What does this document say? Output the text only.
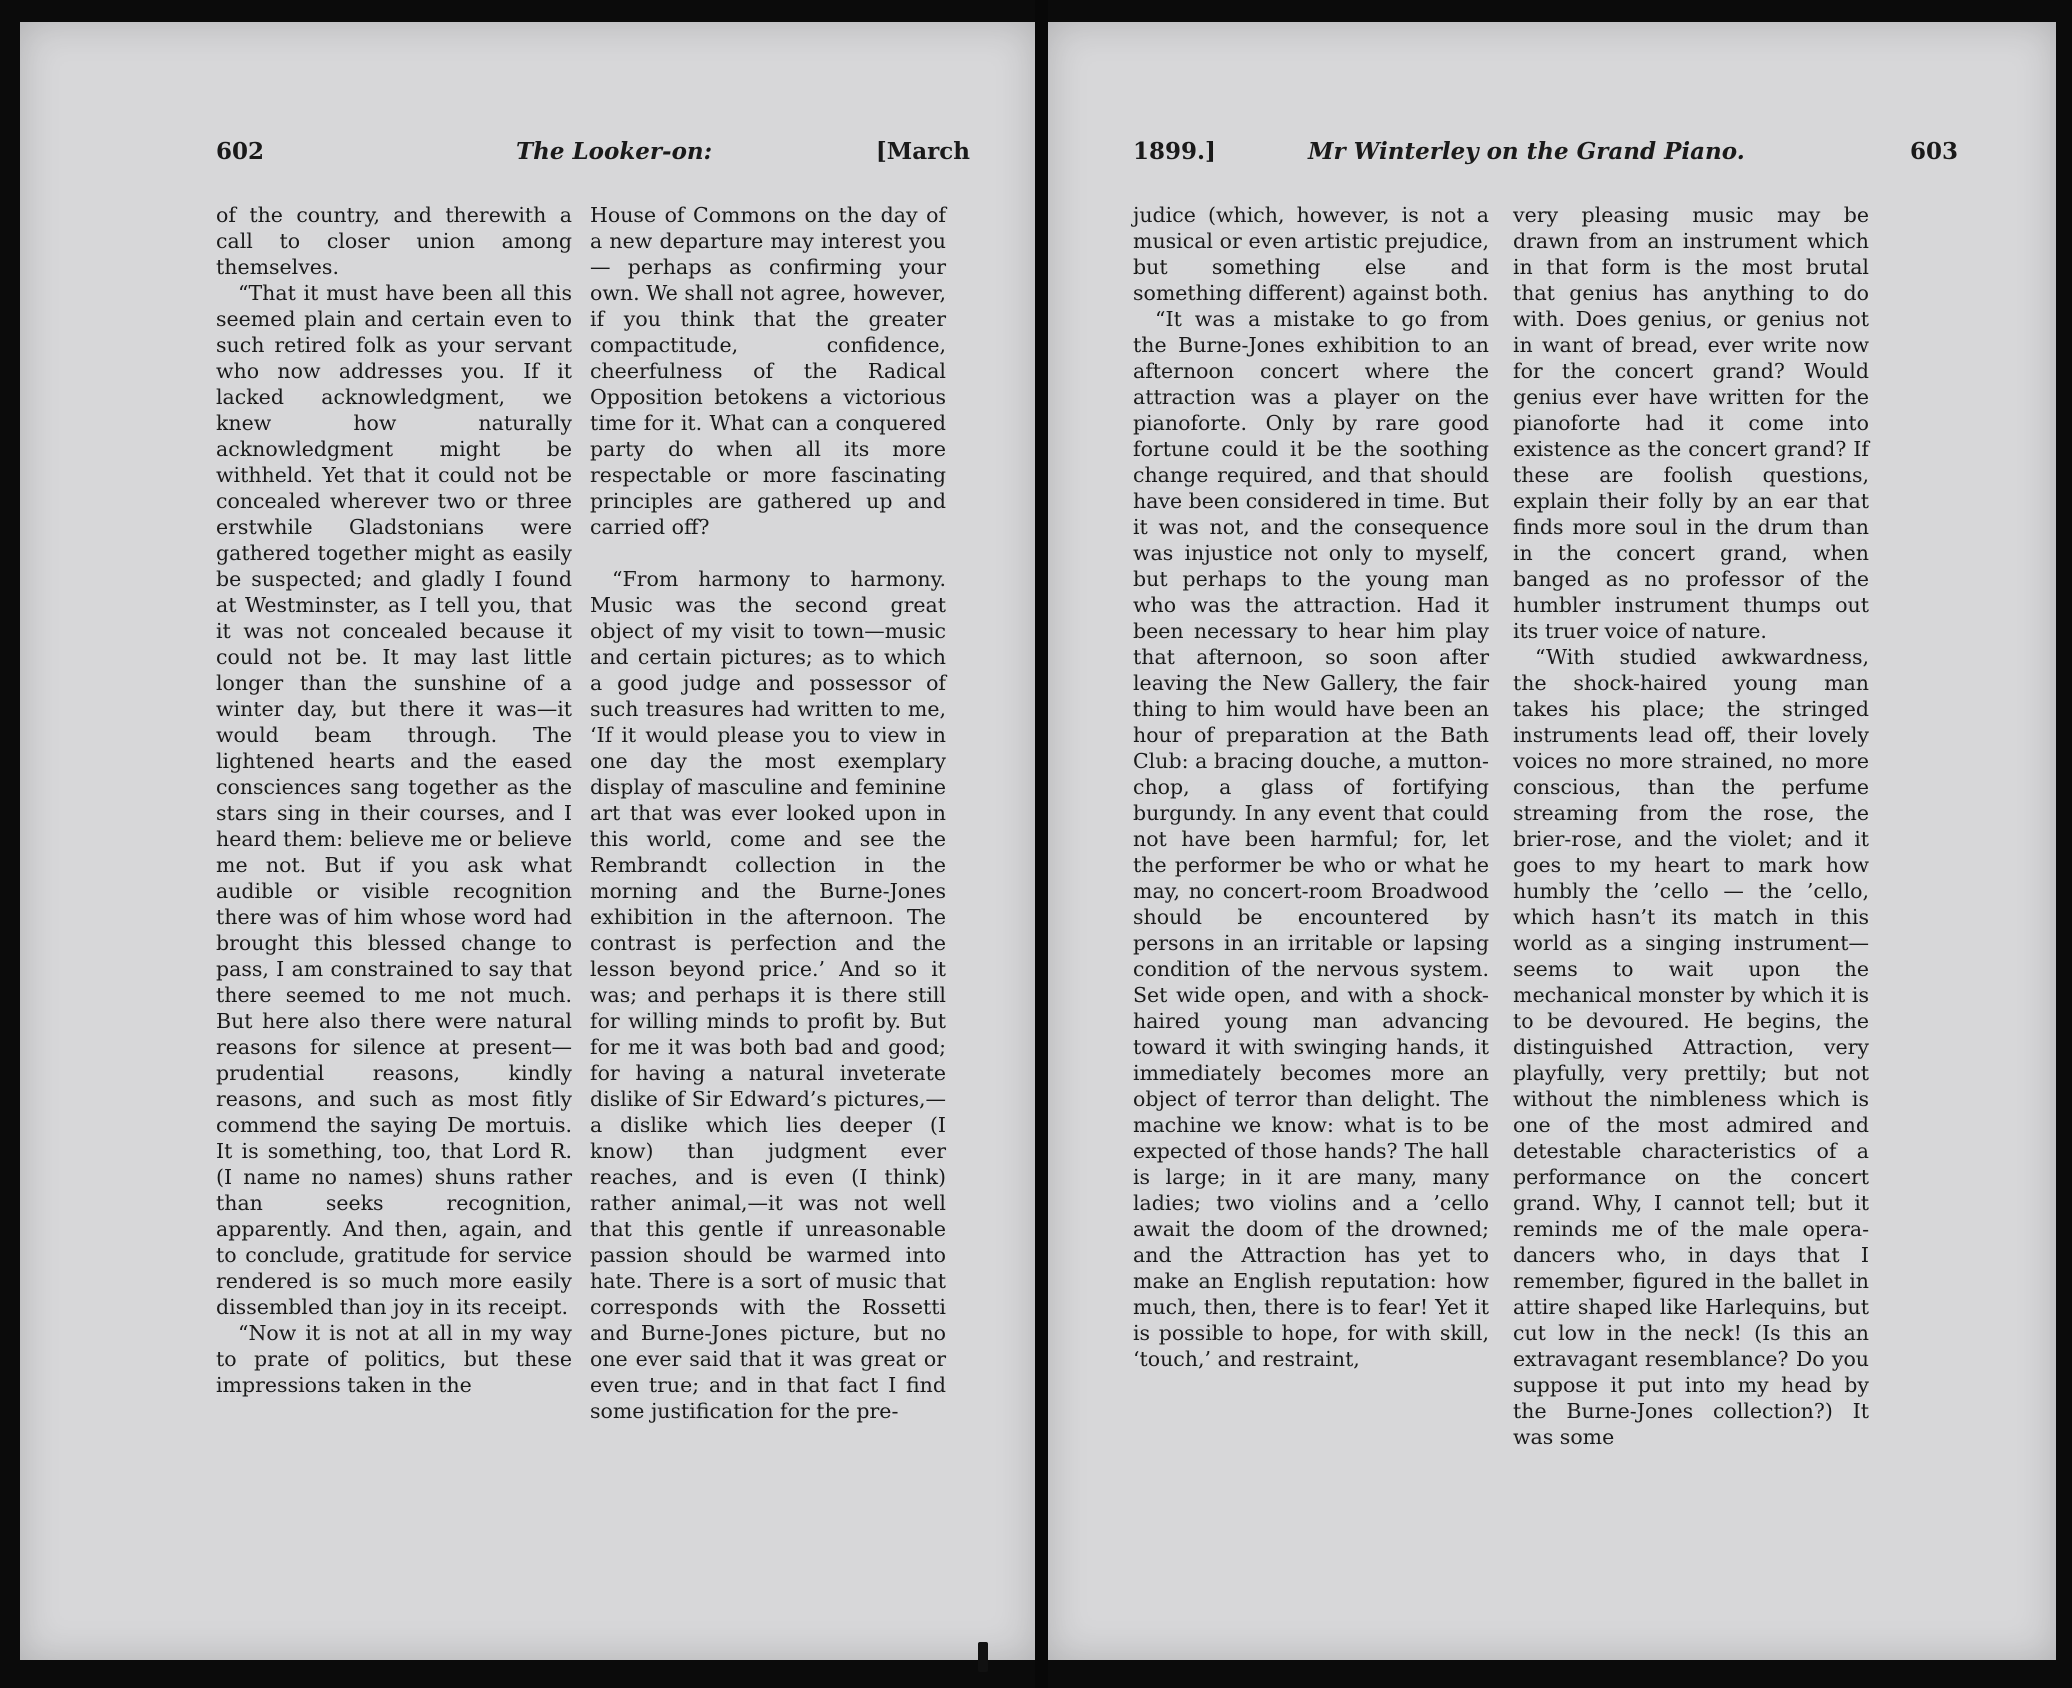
602	The Looker-on:	[March

of the country, and therewith a call to closer union among themselves.

“That it must have been all this seemed plain and certain even to such retired folk as your servant who now addresses you. If it lacked acknowledgment, we knew how naturally acknowledgment might be withheld. Yet that it could not be concealed wherever two or three erstwhile Gladstonians were gathered together might as easily be suspected; and gladly I found at Westminster, as I tell you, that it was not concealed because it could not be. It may last little longer than the sunshine of a winter day, but there it was—it would beam through. The lightened hearts and the eased consciences sang together as the stars sing in their courses, and I heard them: believe me or believe me not. But if you ask what audible or visible recognition there was of him whose word had brought this blessed change to pass, I am constrained to say that there seemed to me not much. But here also there were natural reasons for silence at present—prudential reasons, kindly reasons, and such as most fitly commend the saying De mortuis. It is something, too, that Lord R. (I name no names) shuns rather than seeks recognition, apparently. And then, again, and to conclude, gratitude for service rendered is so much more easily dissembled than joy in its receipt.

“Now it is not at all in my way to prate of politics, but these impressions taken in the

House of Commons on the day of a new departure may interest you — perhaps as confirming your own. We shall not agree, however, if you think that the greater compactitude, confidence, cheerfulness of the Radical Opposition betokens a victorious time for it. What can a conquered party do when all its more respectable or more fascinating principles are gathered up and carried off?

“From harmony to harmony. Music was the second great object of my visit to town—music and certain pictures; as to which a good judge and possessor of such treasures had written to me, ‘If it would please you to view in one day the most exemplary display of masculine and feminine art that was ever looked upon in this world, come and see the Rembrandt collection in the morning and the Burne-Jones exhibition in the afternoon. The contrast is perfection and the lesson beyond price.’ And so it was; and perhaps it is there still for willing minds to profit by. But for me it was both bad and good; for having a natural inveterate dislike of Sir Edward’s pictures,—a dislike which lies deeper (I know) than judgment ever reaches, and is even (I think) rather animal,—it was not well that this gentle if unreasonable passion should be warmed into hate. There is a sort of music that corresponds with the Rossetti and Burne-Jones picture, but no one ever said that it was great or even true; and in that fact I find some justification for the pre-

1899.]	Mr Winterley on the Grand Piano.	603

judice (which, however, is not a musical or even artistic prejudice, but something else and something different) against both.

“It was a mistake to go from the Burne-Jones exhibition to an afternoon concert where the attraction was a player on the pianoforte. Only by rare good fortune could it be the soothing change required, and that should have been considered in time. But it was not, and the consequence was injustice not only to myself, but perhaps to the young man who was the attraction. Had it been necessary to hear him play that afternoon, so soon after leaving the New Gallery, the fair thing to him would have been an hour of preparation at the Bath Club: a bracing douche, a mutton-chop, a glass of fortifying burgundy. In any event that could not have been harmful; for, let the performer be who or what he may, no concert-room Broadwood should be encountered by persons in an irritable or lapsing condition of the nervous system. Set wide open, and with a shock-haired young man advancing toward it with swinging hands, it immediately becomes more an object of terror than delight. The machine we know: what is to be expected of those hands? The hall is large; in it are many, many ladies; two violins and a ’cello await the doom of the drowned; and the Attraction has yet to make an English reputation: how much, then, there is to fear! Yet it is possible to hope, for with skill, ‘touch,’ and restraint,

very pleasing music may be drawn from an instrument which in that form is the most brutal that genius has anything to do with. Does genius, or genius not in want of bread, ever write now for the concert grand? Would genius ever have written for the pianoforte had it come into existence as the concert grand? If these are foolish questions, explain their folly by an ear that finds more soul in the drum than in the concert grand, when banged as no professor of the humbler instrument thumps out its truer voice of nature.

“With studied awkwardness, the shock-haired young man takes his place; the stringed instruments lead off, their lovely voices no more strained, no more conscious, than the perfume streaming from the rose, the brier-rose, and the violet; and it goes to my heart to mark how humbly the ’cello — the ’cello, which hasn’t its match in this world as a singing instrument—seems to wait upon the mechanical monster by which it is to be devoured. He begins, the distinguished Attraction, very playfully, very prettily; but not without the nimbleness which is one of the most admired and detestable characteristics of a performance on the concert grand. Why, I cannot tell; but it reminds me of the male opera-dancers who, in days that I remember, figured in the ballet in attire shaped like Harlequins, but cut low in the neck! (Is this an extravagant resemblance? Do you suppose it put into my head by the Burne-Jones collection?) It was some
